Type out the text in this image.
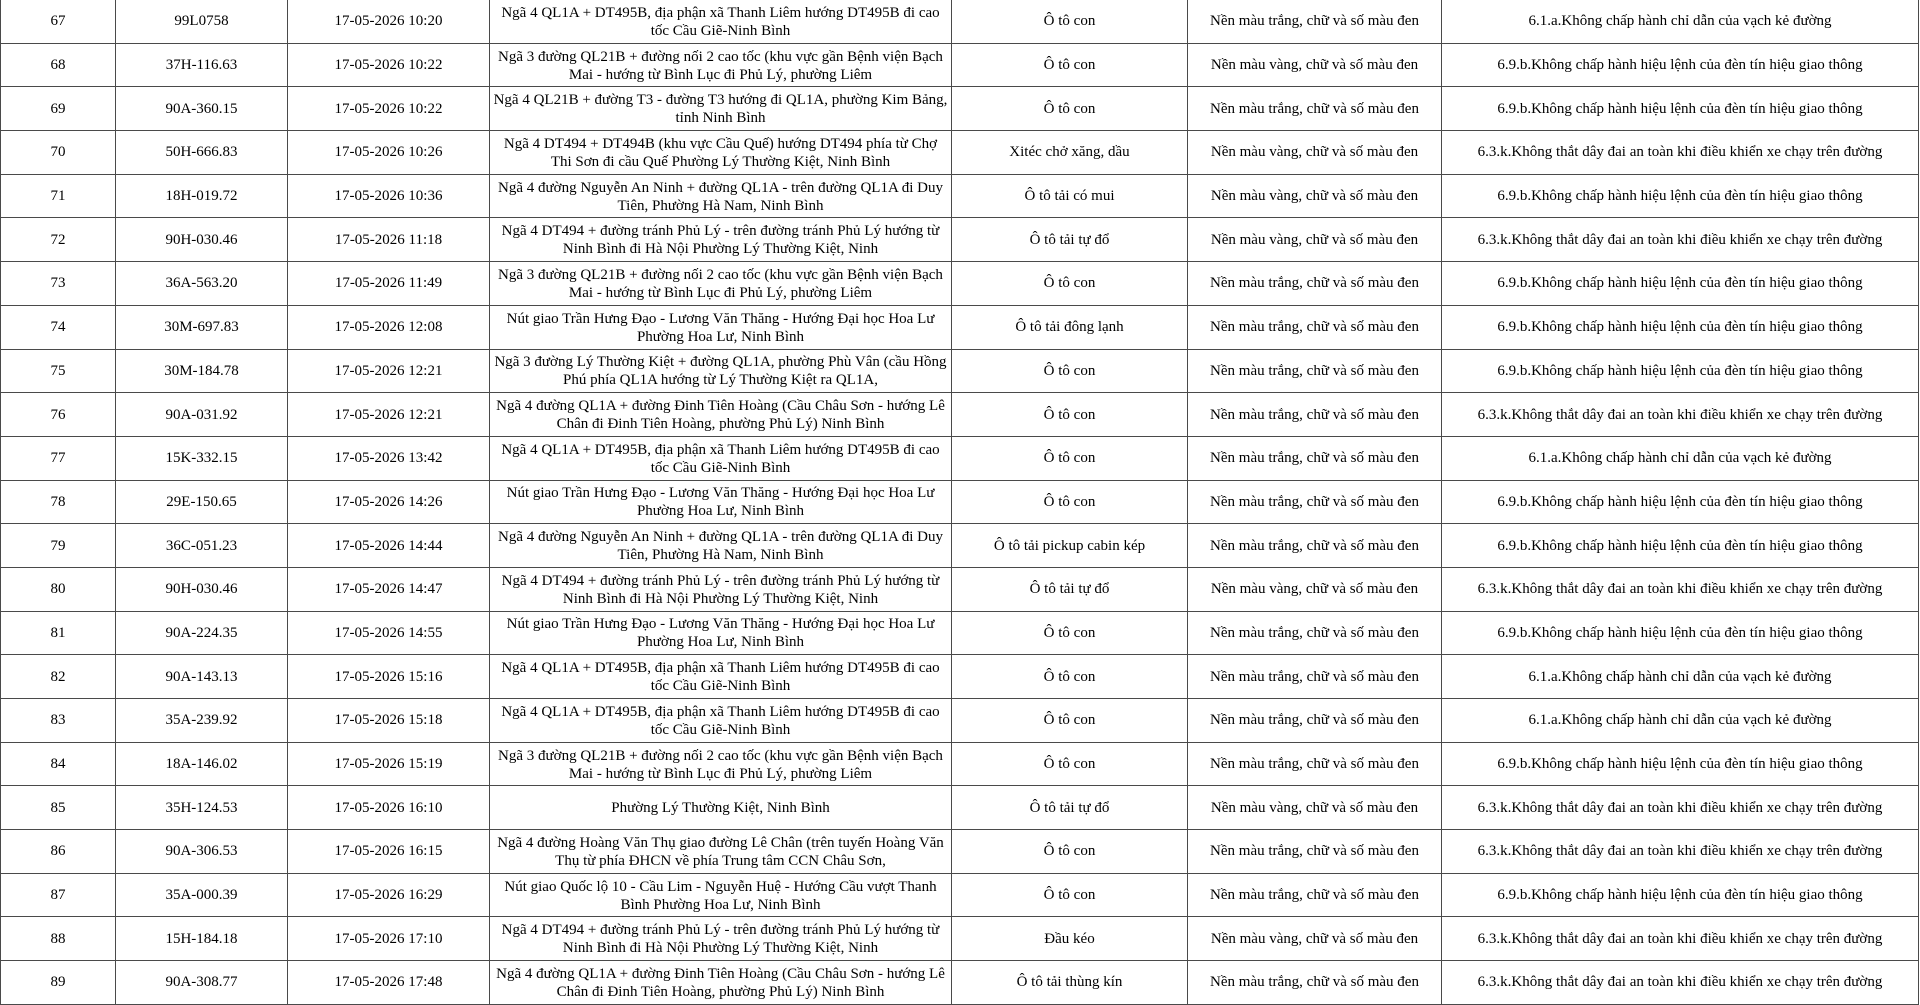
67	99L0758	17-05-2026 10:20	Ngã 4 QL1A + DT495B, địa phận xã Thanh Liêm hướng DT495B đi cao tốc Cầu Giẽ-Ninh Bình	Ô tô con	Nền màu trắng, chữ và số màu đen	6.1.a.Không chấp hành chỉ dẫn của vạch kẻ đường
68	37H-116.63	17-05-2026 10:22	Ngã 3 đường QL21B + đường nối 2 cao tốc (khu vực gần Bệnh viện Bạch Mai - hướng từ Bình Lục đi Phủ Lý, phường Liêm	Ô tô con	Nền màu vàng, chữ và số màu đen	6.9.b.Không chấp hành hiệu lệnh của đèn tín hiệu giao thông
69	90A-360.15	17-05-2026 10:22	Ngã 4 QL21B + đường T3 - đường T3 hướng đi QL1A, phường Kim Bảng, tỉnh Ninh Bình	Ô tô con	Nền màu trắng, chữ và số màu đen	6.9.b.Không chấp hành hiệu lệnh của đèn tín hiệu giao thông
70	50H-666.83	17-05-2026 10:26	Ngã 4 DT494 + DT494B (khu vực Cầu Quế) hướng DT494 phía từ Chợ Thi Sơn đi cầu Quế Phường Lý Thường Kiệt, Ninh Bình	Xitéc chở xăng, dầu	Nền màu vàng, chữ và số màu đen	6.3.k.Không thắt dây đai an toàn khi điều khiển xe chạy trên đường
71	18H-019.72	17-05-2026 10:36	Ngã 4 đường Nguyễn An Ninh + đường QL1A - trên đường QL1A đi Duy Tiên, Phường Hà Nam, Ninh Bình	Ô tô tải có mui	Nền màu vàng, chữ và số màu đen	6.9.b.Không chấp hành hiệu lệnh của đèn tín hiệu giao thông
72	90H-030.46	17-05-2026 11:18	Ngã 4 DT494 + đường tránh Phủ Lý - trên đường tránh Phủ Lý hướng từ Ninh Bình đi Hà Nội Phường Lý Thường Kiệt, Ninh	Ô tô tải tự đổ	Nền màu vàng, chữ và số màu đen	6.3.k.Không thắt dây đai an toàn khi điều khiển xe chạy trên đường
73	36A-563.20	17-05-2026 11:49	Ngã 3 đường QL21B + đường nối 2 cao tốc (khu vực gần Bệnh viện Bạch Mai - hướng từ Bình Lục đi Phủ Lý, phường Liêm	Ô tô con	Nền màu trắng, chữ và số màu đen	6.9.b.Không chấp hành hiệu lệnh của đèn tín hiệu giao thông
74	30M-697.83	17-05-2026 12:08	Nút giao Trần Hưng Đạo - Lương Văn Thăng - Hướng Đại học Hoa Lư Phường Hoa Lư, Ninh Bình	Ô tô tải đông lạnh	Nền màu trắng, chữ và số màu đen	6.9.b.Không chấp hành hiệu lệnh của đèn tín hiệu giao thông
75	30M-184.78	17-05-2026 12:21	Ngã 3 đường Lý Thường Kiệt + đường QL1A, phường Phù Vân (cầu Hồng Phú phía QL1A hướng từ Lý Thường Kiệt ra QL1A,	Ô tô con	Nền màu trắng, chữ và số màu đen	6.9.b.Không chấp hành hiệu lệnh của đèn tín hiệu giao thông
76	90A-031.92	17-05-2026 12:21	Ngã 4 đường QL1A + đường Đinh Tiên Hoàng (Cầu Châu Sơn - hướng Lê Chân đi Đinh Tiên Hoàng, phường Phủ Lý) Ninh Bình	Ô tô con	Nền màu trắng, chữ và số màu đen	6.3.k.Không thắt dây đai an toàn khi điều khiển xe chạy trên đường
77	15K-332.15	17-05-2026 13:42	Ngã 4 QL1A + DT495B, địa phận xã Thanh Liêm hướng DT495B đi cao tốc Cầu Giẽ-Ninh Bình	Ô tô con	Nền màu trắng, chữ và số màu đen	6.1.a.Không chấp hành chỉ dẫn của vạch kẻ đường
78	29E-150.65	17-05-2026 14:26	Nút giao Trần Hưng Đạo - Lương Văn Thăng - Hướng Đại học Hoa Lư Phường Hoa Lư, Ninh Bình	Ô tô con	Nền màu trắng, chữ và số màu đen	6.9.b.Không chấp hành hiệu lệnh của đèn tín hiệu giao thông
79	36C-051.23	17-05-2026 14:44	Ngã 4 đường Nguyễn An Ninh + đường QL1A - trên đường QL1A đi Duy Tiên, Phường Hà Nam, Ninh Bình	Ô tô tải pickup cabin kép	Nền màu trắng, chữ và số màu đen	6.9.b.Không chấp hành hiệu lệnh của đèn tín hiệu giao thông
80	90H-030.46	17-05-2026 14:47	Ngã 4 DT494 + đường tránh Phủ Lý - trên đường tránh Phủ Lý hướng từ Ninh Bình đi Hà Nội Phường Lý Thường Kiệt, Ninh	Ô tô tải tự đổ	Nền màu vàng, chữ và số màu đen	6.3.k.Không thắt dây đai an toàn khi điều khiển xe chạy trên đường
81	90A-224.35	17-05-2026 14:55	Nút giao Trần Hưng Đạo - Lương Văn Thăng - Hướng Đại học Hoa Lư Phường Hoa Lư, Ninh Bình	Ô tô con	Nền màu trắng, chữ và số màu đen	6.9.b.Không chấp hành hiệu lệnh của đèn tín hiệu giao thông
82	90A-143.13	17-05-2026 15:16	Ngã 4 QL1A + DT495B, địa phận xã Thanh Liêm hướng DT495B đi cao tốc Cầu Giẽ-Ninh Bình	Ô tô con	Nền màu trắng, chữ và số màu đen	6.1.a.Không chấp hành chỉ dẫn của vạch kẻ đường
83	35A-239.92	17-05-2026 15:18	Ngã 4 QL1A + DT495B, địa phận xã Thanh Liêm hướng DT495B đi cao tốc Cầu Giẽ-Ninh Bình	Ô tô con	Nền màu trắng, chữ và số màu đen	6.1.a.Không chấp hành chỉ dẫn của vạch kẻ đường
84	18A-146.02	17-05-2026 15:19	Ngã 3 đường QL21B + đường nối 2 cao tốc (khu vực gần Bệnh viện Bạch Mai - hướng từ Bình Lục đi Phủ Lý, phường Liêm	Ô tô con	Nền màu trắng, chữ và số màu đen	6.9.b.Không chấp hành hiệu lệnh của đèn tín hiệu giao thông
85	35H-124.53	17-05-2026 16:10	Phường Lý Thường Kiệt, Ninh Bình	Ô tô tải tự đổ	Nền màu vàng, chữ và số màu đen	6.3.k.Không thắt dây đai an toàn khi điều khiển xe chạy trên đường
86	90A-306.53	17-05-2026 16:15	Ngã 4 đường Hoàng Văn Thụ giao đường Lê Chân (trên tuyến Hoàng Văn Thụ từ phía ĐHCN về phía Trung tâm CCN Châu Sơn,	Ô tô con	Nền màu trắng, chữ và số màu đen	6.3.k.Không thắt dây đai an toàn khi điều khiển xe chạy trên đường
87	35A-000.39	17-05-2026 16:29	Nút giao Quốc lộ 10 - Cầu Lim - Nguyễn Huệ - Hướng Cầu vượt Thanh Bình Phường Hoa Lư, Ninh Bình	Ô tô con	Nền màu trắng, chữ và số màu đen	6.9.b.Không chấp hành hiệu lệnh của đèn tín hiệu giao thông
88	15H-184.18	17-05-2026 17:10	Ngã 4 DT494 + đường tránh Phủ Lý - trên đường tránh Phủ Lý hướng từ Ninh Bình đi Hà Nội Phường Lý Thường Kiệt, Ninh	Đầu kéo	Nền màu vàng, chữ và số màu đen	6.3.k.Không thắt dây đai an toàn khi điều khiển xe chạy trên đường
89	90A-308.77	17-05-2026 17:48	Ngã 4 đường QL1A + đường Đinh Tiên Hoàng (Cầu Châu Sơn - hướng Lê Chân đi Đinh Tiên Hoàng, phường Phủ Lý) Ninh Bình	Ô tô tải thùng kín	Nền màu trắng, chữ và số màu đen	6.3.k.Không thắt dây đai an toàn khi điều khiển xe chạy trên đường
